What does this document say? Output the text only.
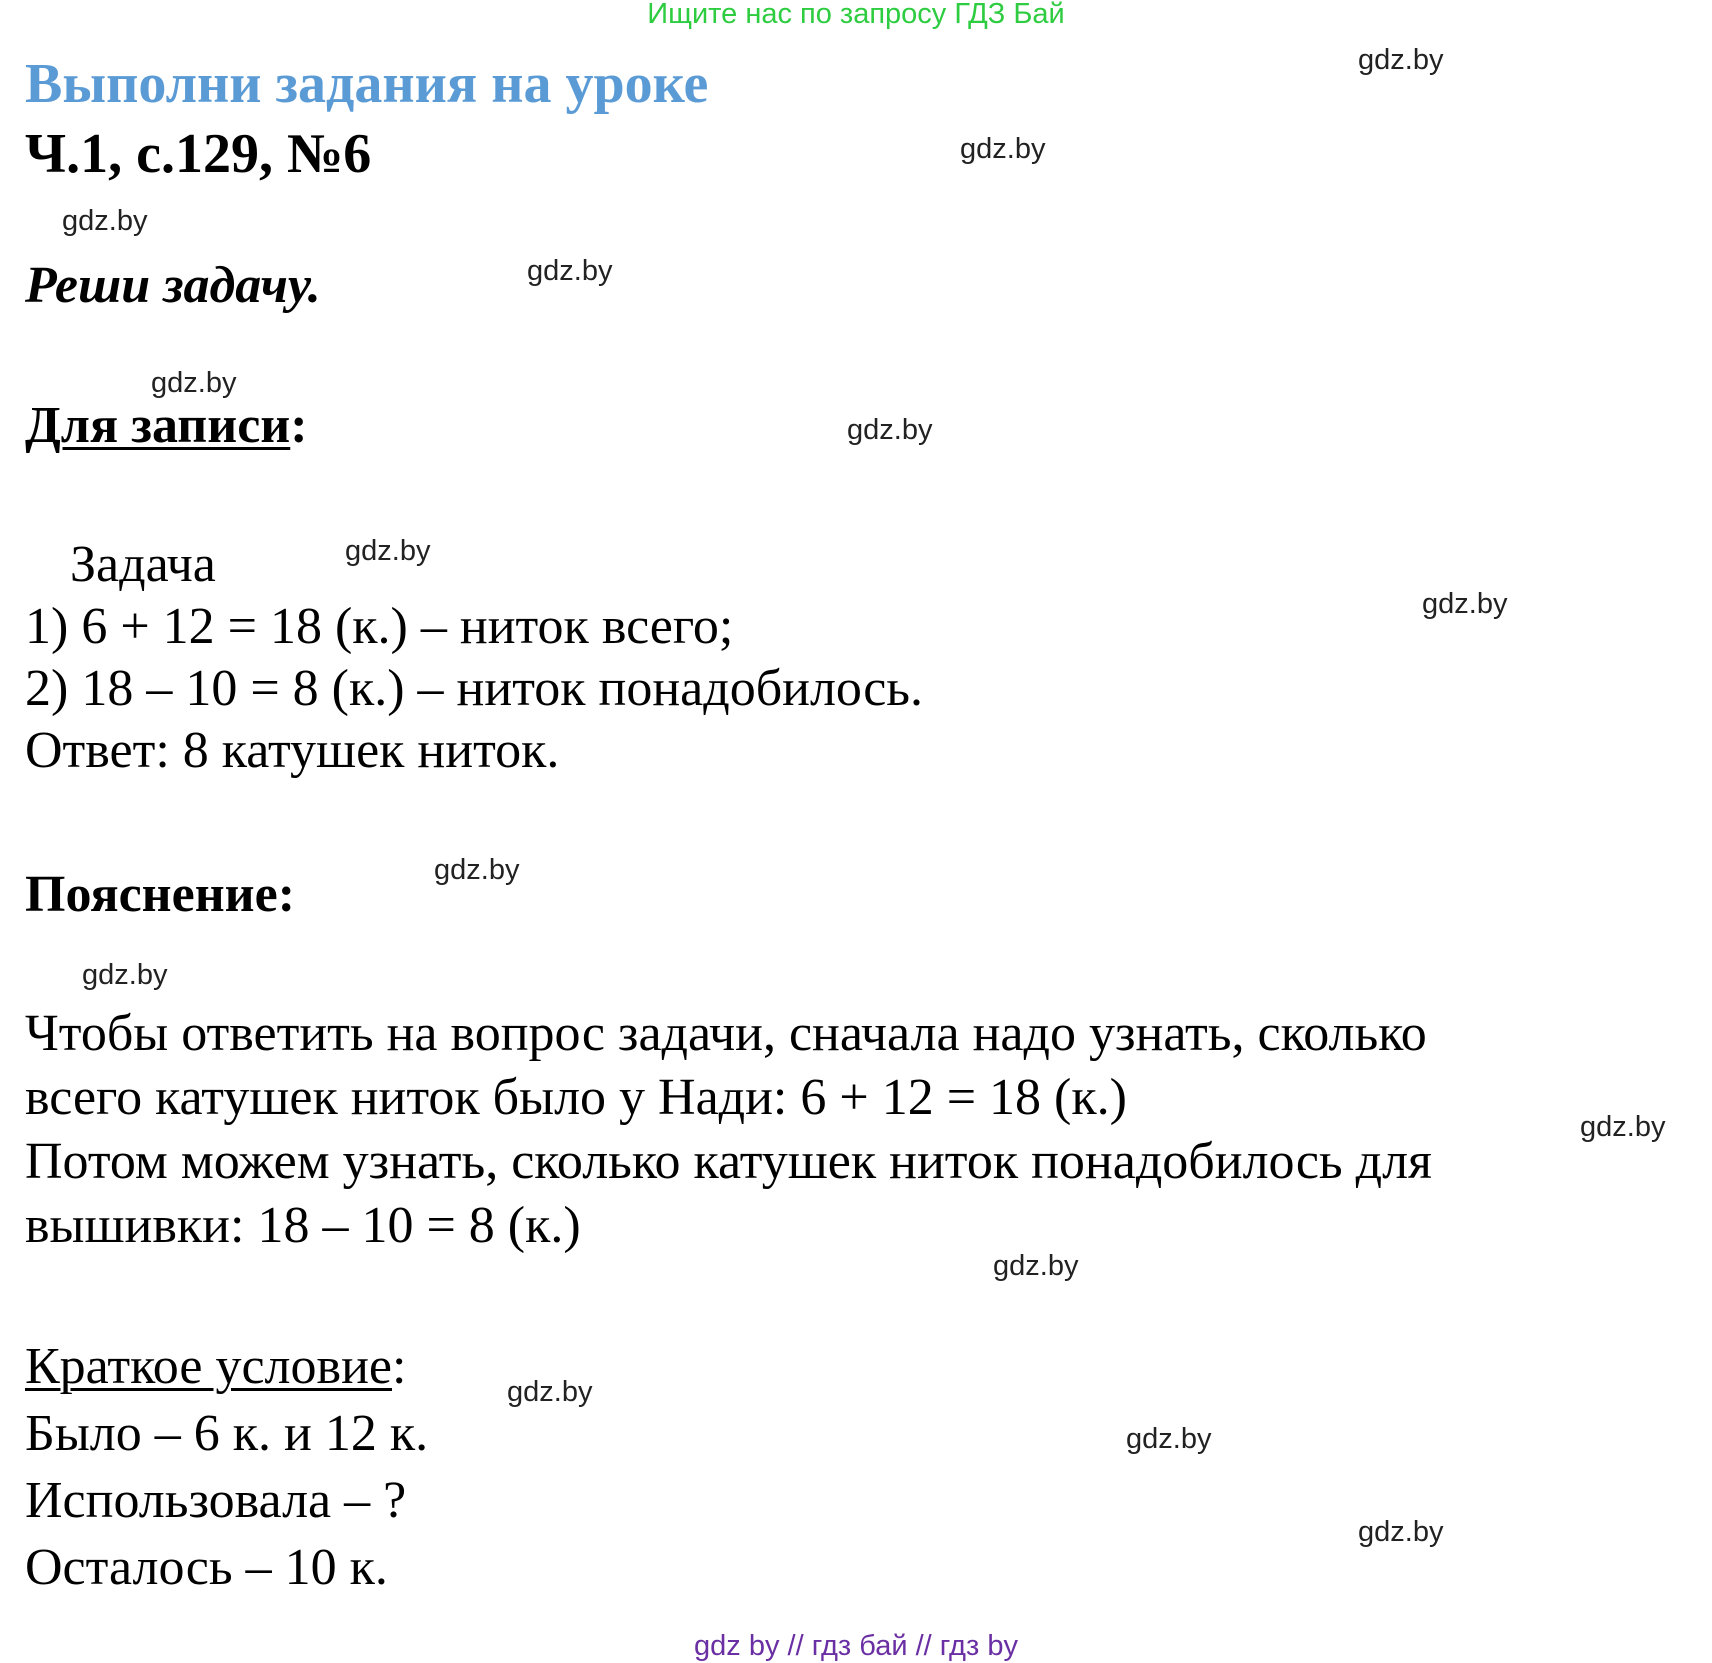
Ищите нас по запросу ГДЗ Бай
Выполни задания на уроке
Ч.1, с.129, №6
Реши задачу.
Для записи:
Задача
1) 6 + 12 = 18 (к.) – ниток всего;
2) 18 – 10 = 8 (к.) – ниток понадобилось.
Ответ: 8 катушек ниток.
Пояснение:
Чтобы ответить на вопрос задачи, сначала надо узнать, сколько
всего катушек ниток было у Нади: 6 + 12 = 18 (к.)
Потом можем узнать, сколько катушек ниток понадобилось для
вышивки: 18 – 10 = 8 (к.)
Краткое условие:
Было – 6 к. и 12 к.
Использовала – ?
Осталось – 10 к.
gdz.by
gdz.by
gdz.by
gdz.by
gdz.by
gdz.by
gdz.by
gdz.by
gdz.by
gdz.by
gdz.by
gdz.by
gdz.by
gdz.by
gdz.by
gdz by // гдз бай // гдз by
